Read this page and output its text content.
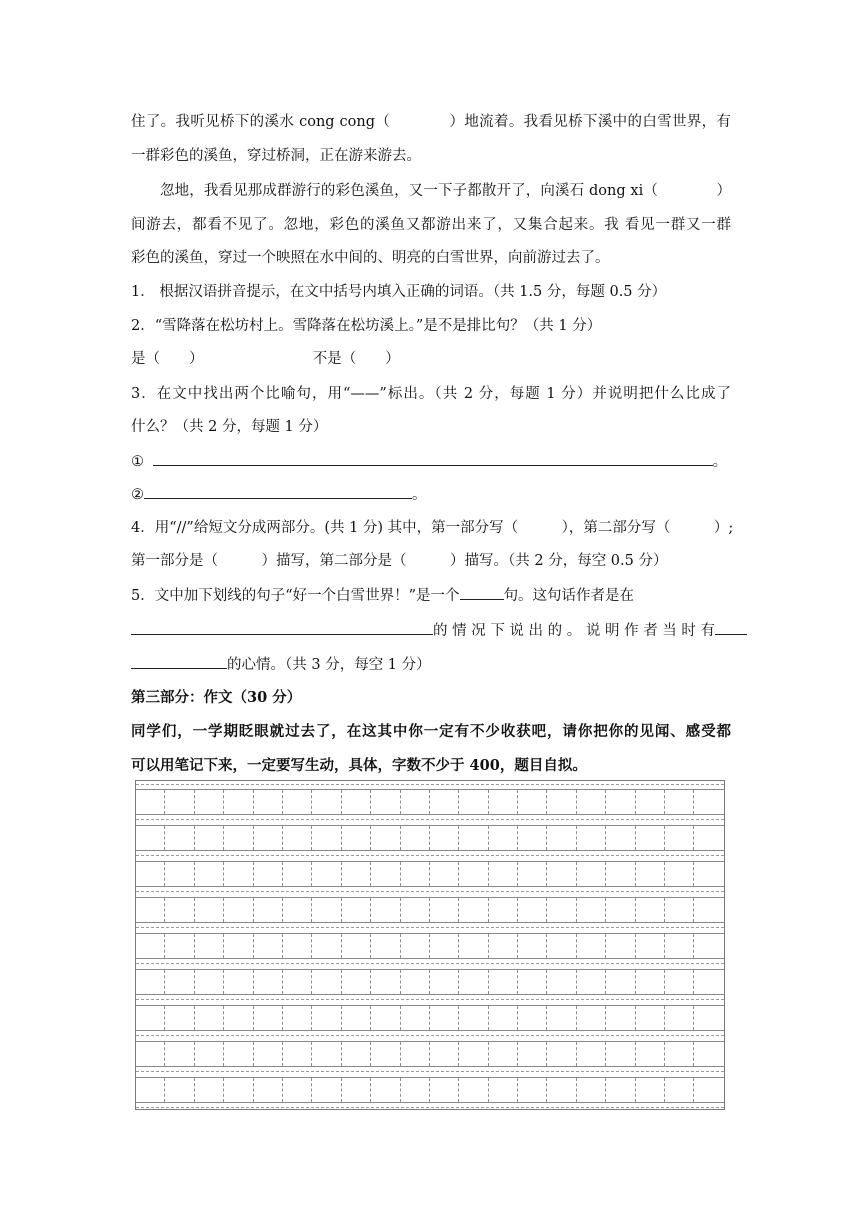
住了。我听见桥下的溪水 cong cong（　　　　）地流着。我看见桥下溪中的白雪世界，有
一群彩色的溪鱼，穿过桥洞，正在游来游去。
忽地，我看见那成群游行的彩色溪鱼，又一下子都散开了，向溪石 dong xi（　　　　）
间游去，都看不见了。忽地，彩色的溪鱼又都游出来了，又集合起来。我 看见一群又一群
彩色的溪鱼，穿过一个映照在水中间的、明亮的白雪世界，向前游过去了。
1． 根据汉语拼音提示，在文中括号内填入正确的词语。（共 1.5 分，每题 0.5 分）
2．“雪降落在松坊村上。雪降落在松坊溪上。”是不是排比句？（共 1 分）
是（　　）	不是（　　）
3．在文中找出两个比喻句，用“——”标出。（共 2 分，每题 1 分）并说明把什么比成了
什么？（共 2 分，每题 1 分）
①	。
②	。
4．用“//”给短文分成两部分。(共 1 分) 其中，第一部分写（　　　），第二部分写（　　　）;
第一部分是（　　　）描写，第二部分是（　　　）描写。（共 2 分，每空 0.5 分）
5．文中加下划线的句子“好一个白雪世界！”是一个	句。这句话作者是在
的 情 况 下 说 出 的 。 说 明 作 者 当 时 有
的心情。（共 3 分，每空 1 分）
第三部分：作文（30 分）
同学们，一学期眨眼就过去了，在这其中你一定有不少收获吧，请你把你的见闻、感受都
可以用笔记下来，一定要写生动，具体，字数不少于 400，题目自拟。
